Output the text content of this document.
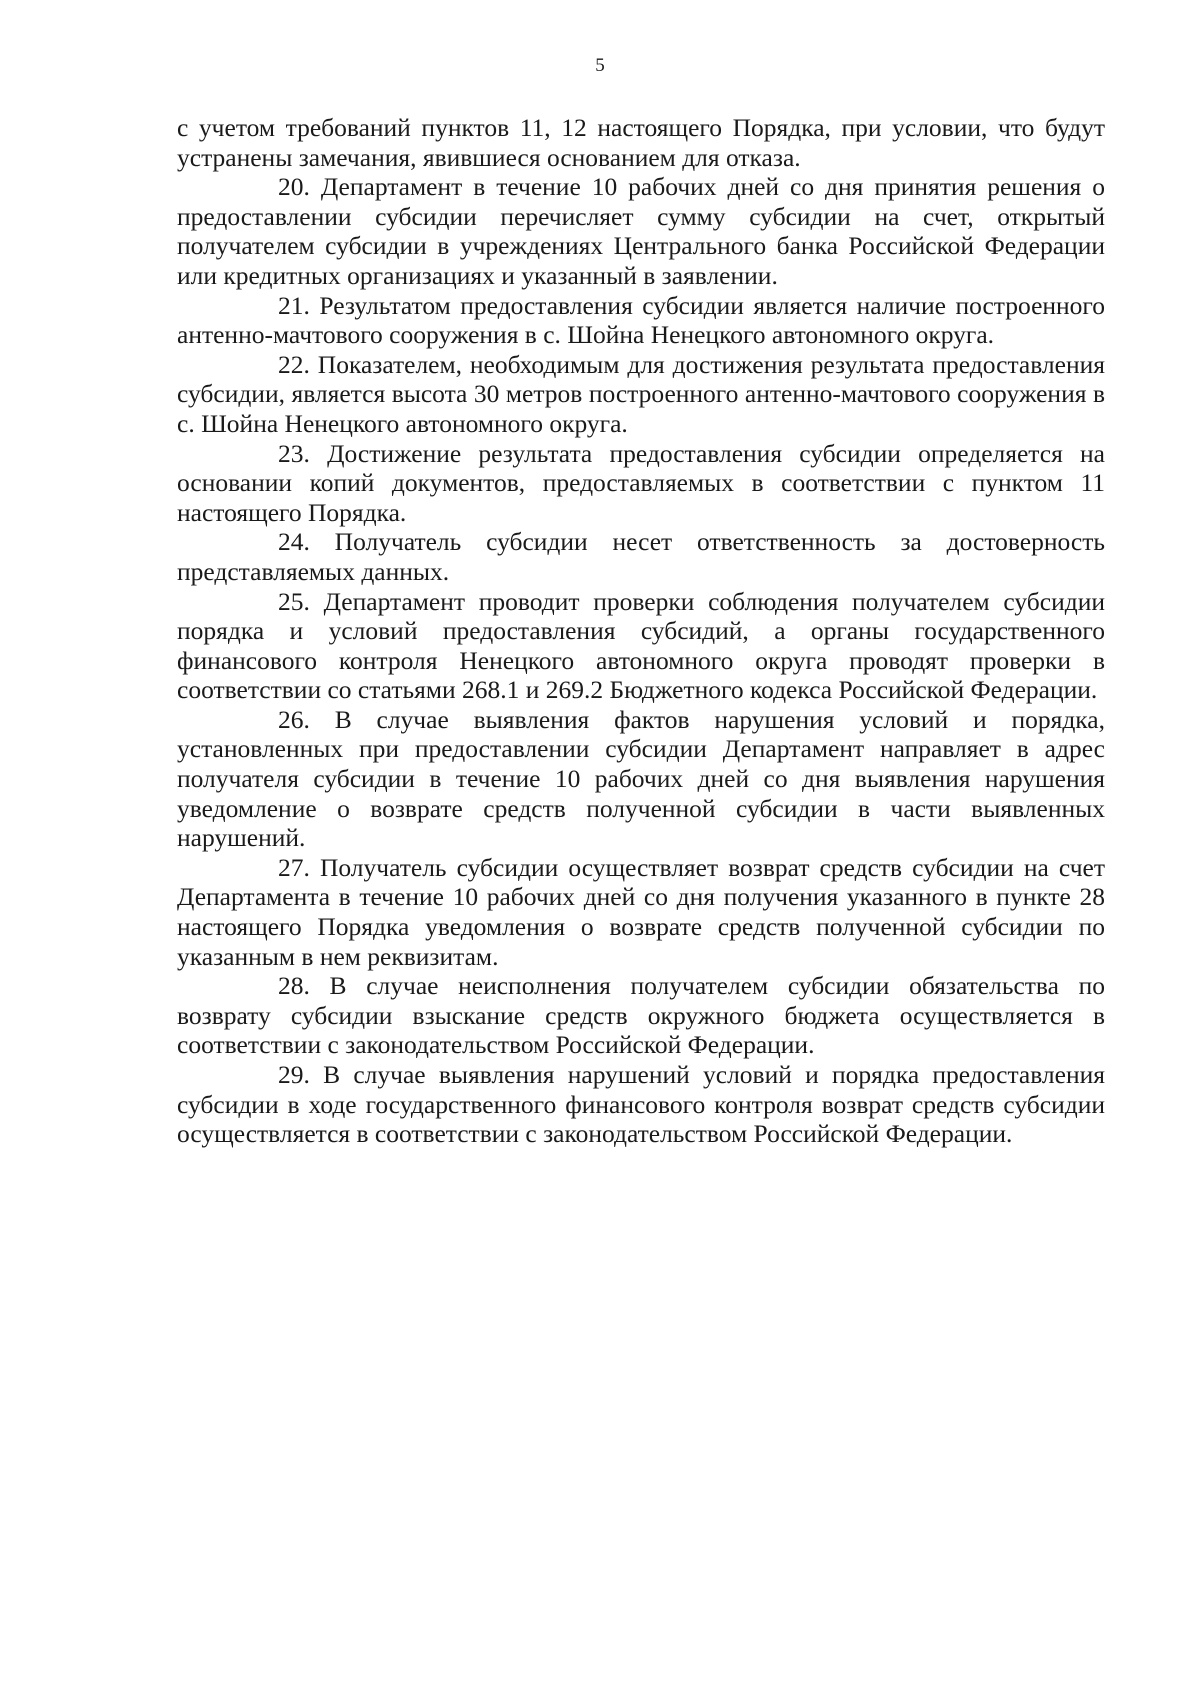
5

с учетом требований пунктов 11, 12 настоящего Порядка, при условии, что будут устранены замечания, явившиеся основанием для отказа.

20. Департамент в течение 10 рабочих дней со дня принятия решения о предоставлении субсидии перечисляет сумму субсидии на счет, открытый получателем субсидии в учреждениях Центрального банка Российской Федерации или кредитных организациях и указанный в заявлении.

21. Результатом предоставления субсидии является наличие построенного антенно-мачтового сооружения в с. Шойна Ненецкого автономного округа.

22. Показателем, необходимым для достижения результата предоставления субсидии, является высота 30 метров построенного антенно-мачтового сооружения в с. Шойна Ненецкого автономного округа.

23. Достижение результата предоставления субсидии определяется на основании копий документов, предоставляемых в соответствии с пунктом 11 настоящего Порядка.

24. Получатель субсидии несет ответственность за достоверность представляемых данных.

25. Департамент проводит проверки соблюдения получателем субсидии порядка и условий предоставления субсидий, а органы государственного финансового контроля Ненецкого автономного округа проводят проверки в соответствии со статьями 268.1 и 269.2 Бюджетного кодекса Российской Федерации.

26. В случае выявления фактов нарушения условий и порядка, установленных при предоставлении субсидии Департамент направляет в адрес получателя субсидии в течение 10 рабочих дней со дня выявления нарушения уведомление о возврате средств полученной субсидии в части выявленных нарушений.

27. Получатель субсидии осуществляет возврат средств субсидии на счет Департамента в течение 10 рабочих дней со дня получения указанного в пункте 28 настоящего Порядка уведомления о возврате средств полученной субсидии по указанным в нем реквизитам.

28. В случае неисполнения получателем субсидии обязательства по возврату субсидии взыскание средств окружного бюджета осуществляется в соответствии с законодательством Российской Федерации.

29. В случае выявления нарушений условий и порядка предоставления субсидии в ходе государственного финансового контроля возврат средств субсидии осуществляется в соответствии с законодательством Российской Федерации.
